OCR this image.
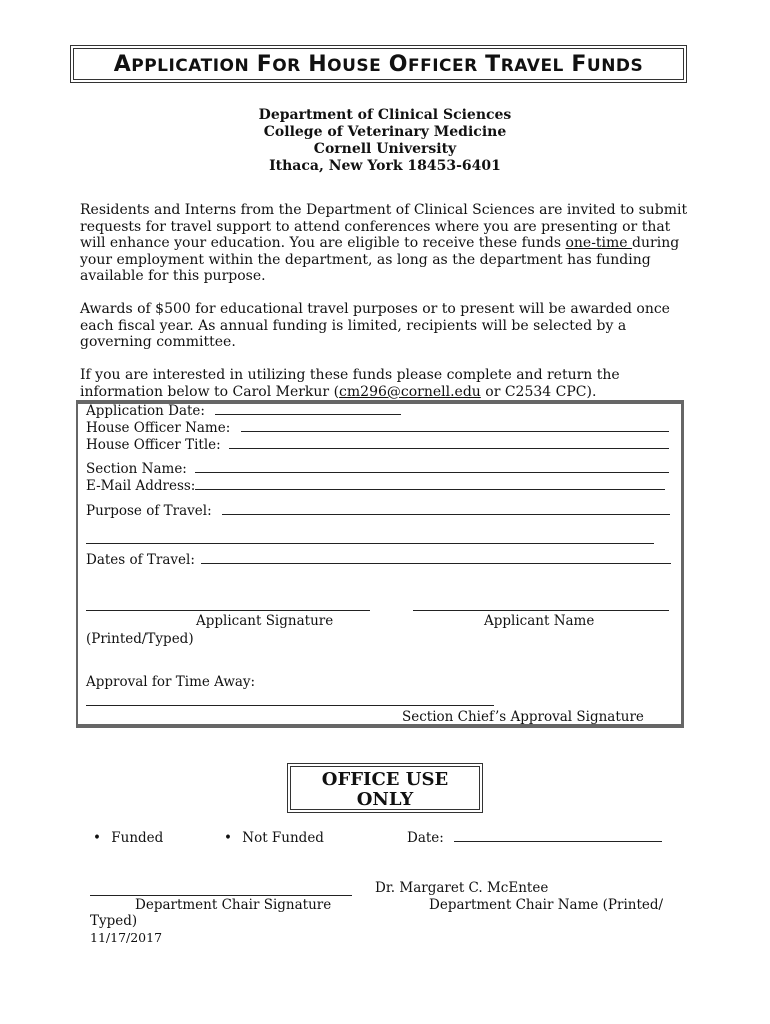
APPLICATION FOR HOUSE OFFICER TRAVEL FUNDS
Department of Clinical Sciences
College of Veterinary Medicine
Cornell University
Ithaca, New York 18453-6401
Residents and Interns from the Department of Clinical Sciences are invited to submit requests for travel support to attend conferences where you are presenting or that will enhance your education. You are eligible to receive these funds one-time during your employment within the department, as long as the department has funding available for this purpose.
Awards of $500 for educational travel purposes or to present will be awarded once each fiscal year. As annual funding is limited, recipients will be selected by a governing committee.
If you are interested in utilizing these funds please complete and return the information below to Carol Merkur (cm296@cornell.edu or C2534 CPC).
Application Date:
House Officer Name:
House Officer Title:
Section Name:
E-Mail Address:
Purpose of Travel:
Dates of Travel:
Applicant Signature	Applicant Name
(Printed/Typed)
Approval for Time Away:
Section Chief’s Approval Signature
OFFICE USE
ONLY
• Funded	• Not Funded	Date:
Dr. Margaret C. McEntee
Department Chair Signature	Department Chair Name (Printed/
Typed)
11/17/2017
